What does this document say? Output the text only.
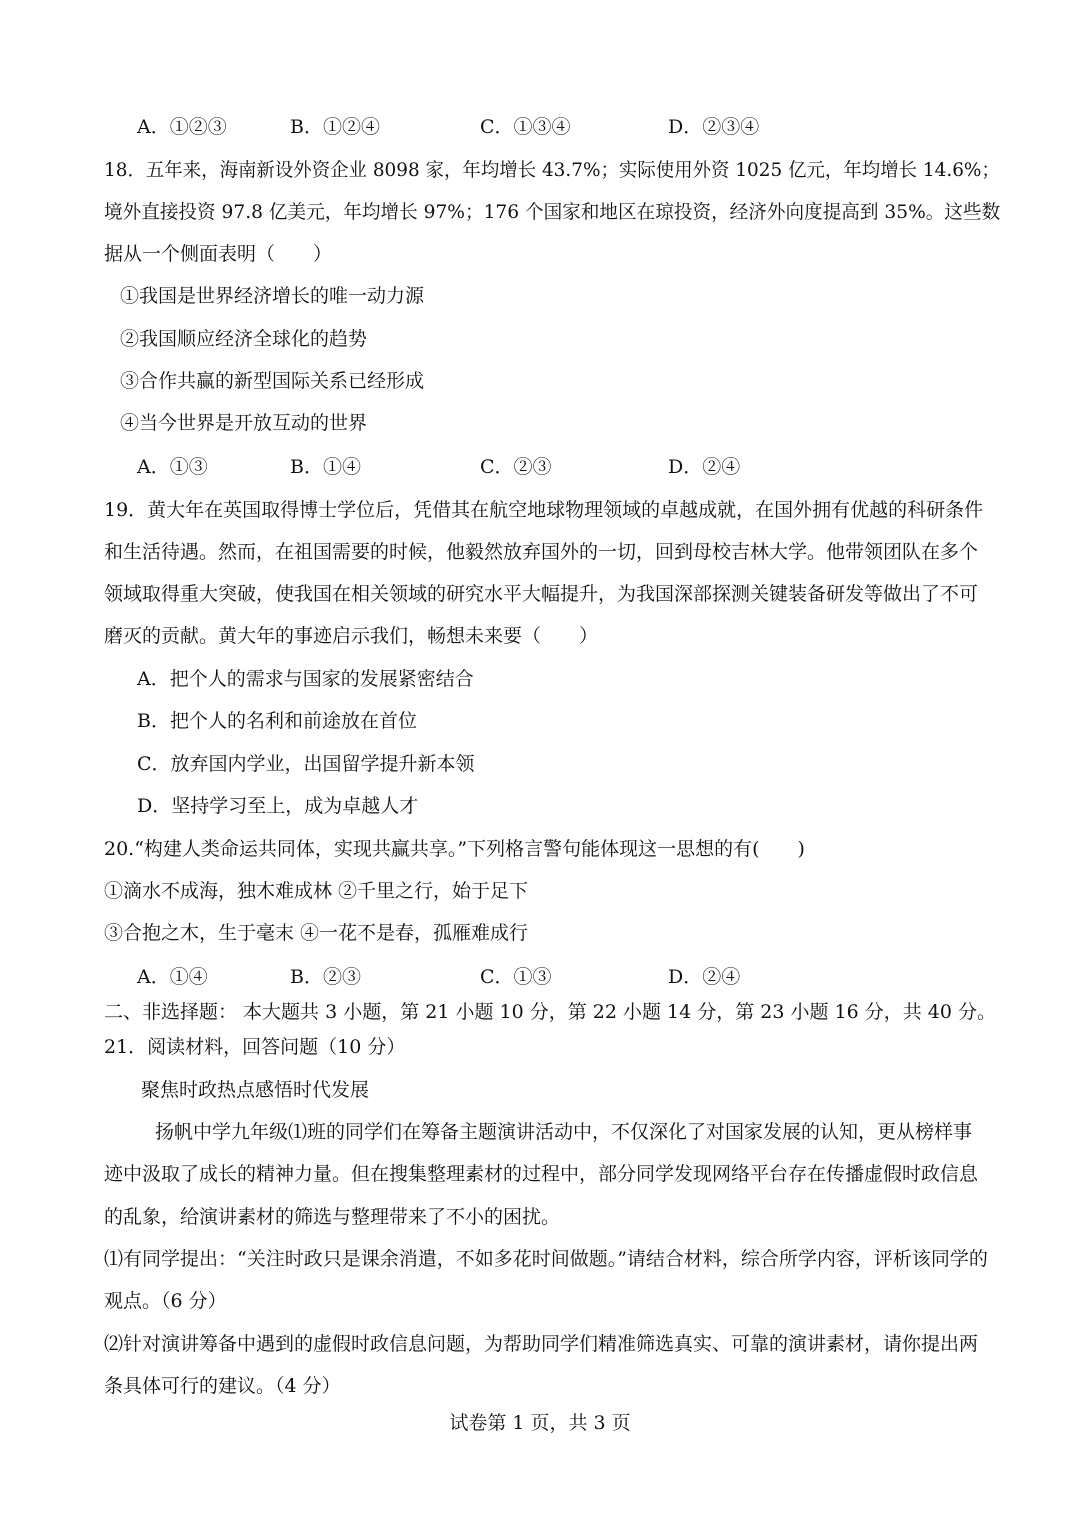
A．①②③	B．①②④	C．①③④	D．②③④
18．五年来，海南新设外资企业 8098 家，年均增长 43.7%；实际使用外资 1025 亿元，年均增长 14.6%；
境外直接投资 97.8 亿美元，年均增长 97%；176 个国家和地区在琼投资，经济外向度提高到 35%。这些数
据从一个侧面表明（　　）
①我国是世界经济增长的唯一动力源
②我国顺应经济全球化的趋势
③合作共赢的新型国际关系已经形成
④当今世界是开放互动的世界
A．①③	B．①④	C．②③	D．②④
19．黄大年在英国取得博士学位后，凭借其在航空地球物理领域的卓越成就，在国外拥有优越的科研条件
和生活待遇。然而，在祖国需要的时候，他毅然放弃国外的一切，回到母校吉林大学。他带领团队在多个
领域取得重大突破，使我国在相关领域的研究水平大幅提升，为我国深部探测关键装备研发等做出了不可
磨灭的贡献。黄大年的事迹启示我们，畅想未来要（　　）
A．把个人的需求与国家的发展紧密结合
B．把个人的名利和前途放在首位
C．放弃国内学业，出国留学提升新本领
D．坚持学习至上，成为卓越人才
20.“构建人类命运共同体，实现共赢共享。”下列格言警句能体现这一思想的有(　　)
①滴水不成海，独木难成林 ②千里之行，始于足下
③合抱之木，生于毫末 ④一花不是春，孤雁难成行
A．①④	B．②③	C．①③	D．②④
二、非选择题： 本大题共 3 小题，第 21 小题 10 分，第 22 小题 14 分，第 23 小题 16 分，共 40 分。
21．阅读材料，回答问题（10 分）
聚焦时政热点感悟时代发展
扬帆中学九年级⑴班的同学们在筹备主题演讲活动中，不仅深化了对国家发展的认知，更从榜样事
迹中汲取了成长的精神力量。但在搜集整理素材的过程中，部分同学发现网络平台存在传播虚假时政信息
的乱象，给演讲素材的筛选与整理带来了不小的困扰。
⑴有同学提出：“关注时政只是课余消遣，不如多花时间做题。”请结合材料，综合所学内容，评析该同学的
观点。（6 分）
⑵针对演讲筹备中遇到的虚假时政信息问题，为帮助同学们精准筛选真实、可靠的演讲素材，请你提出两
条具体可行的建议。（4 分）
试卷第 1 页，共 3 页
